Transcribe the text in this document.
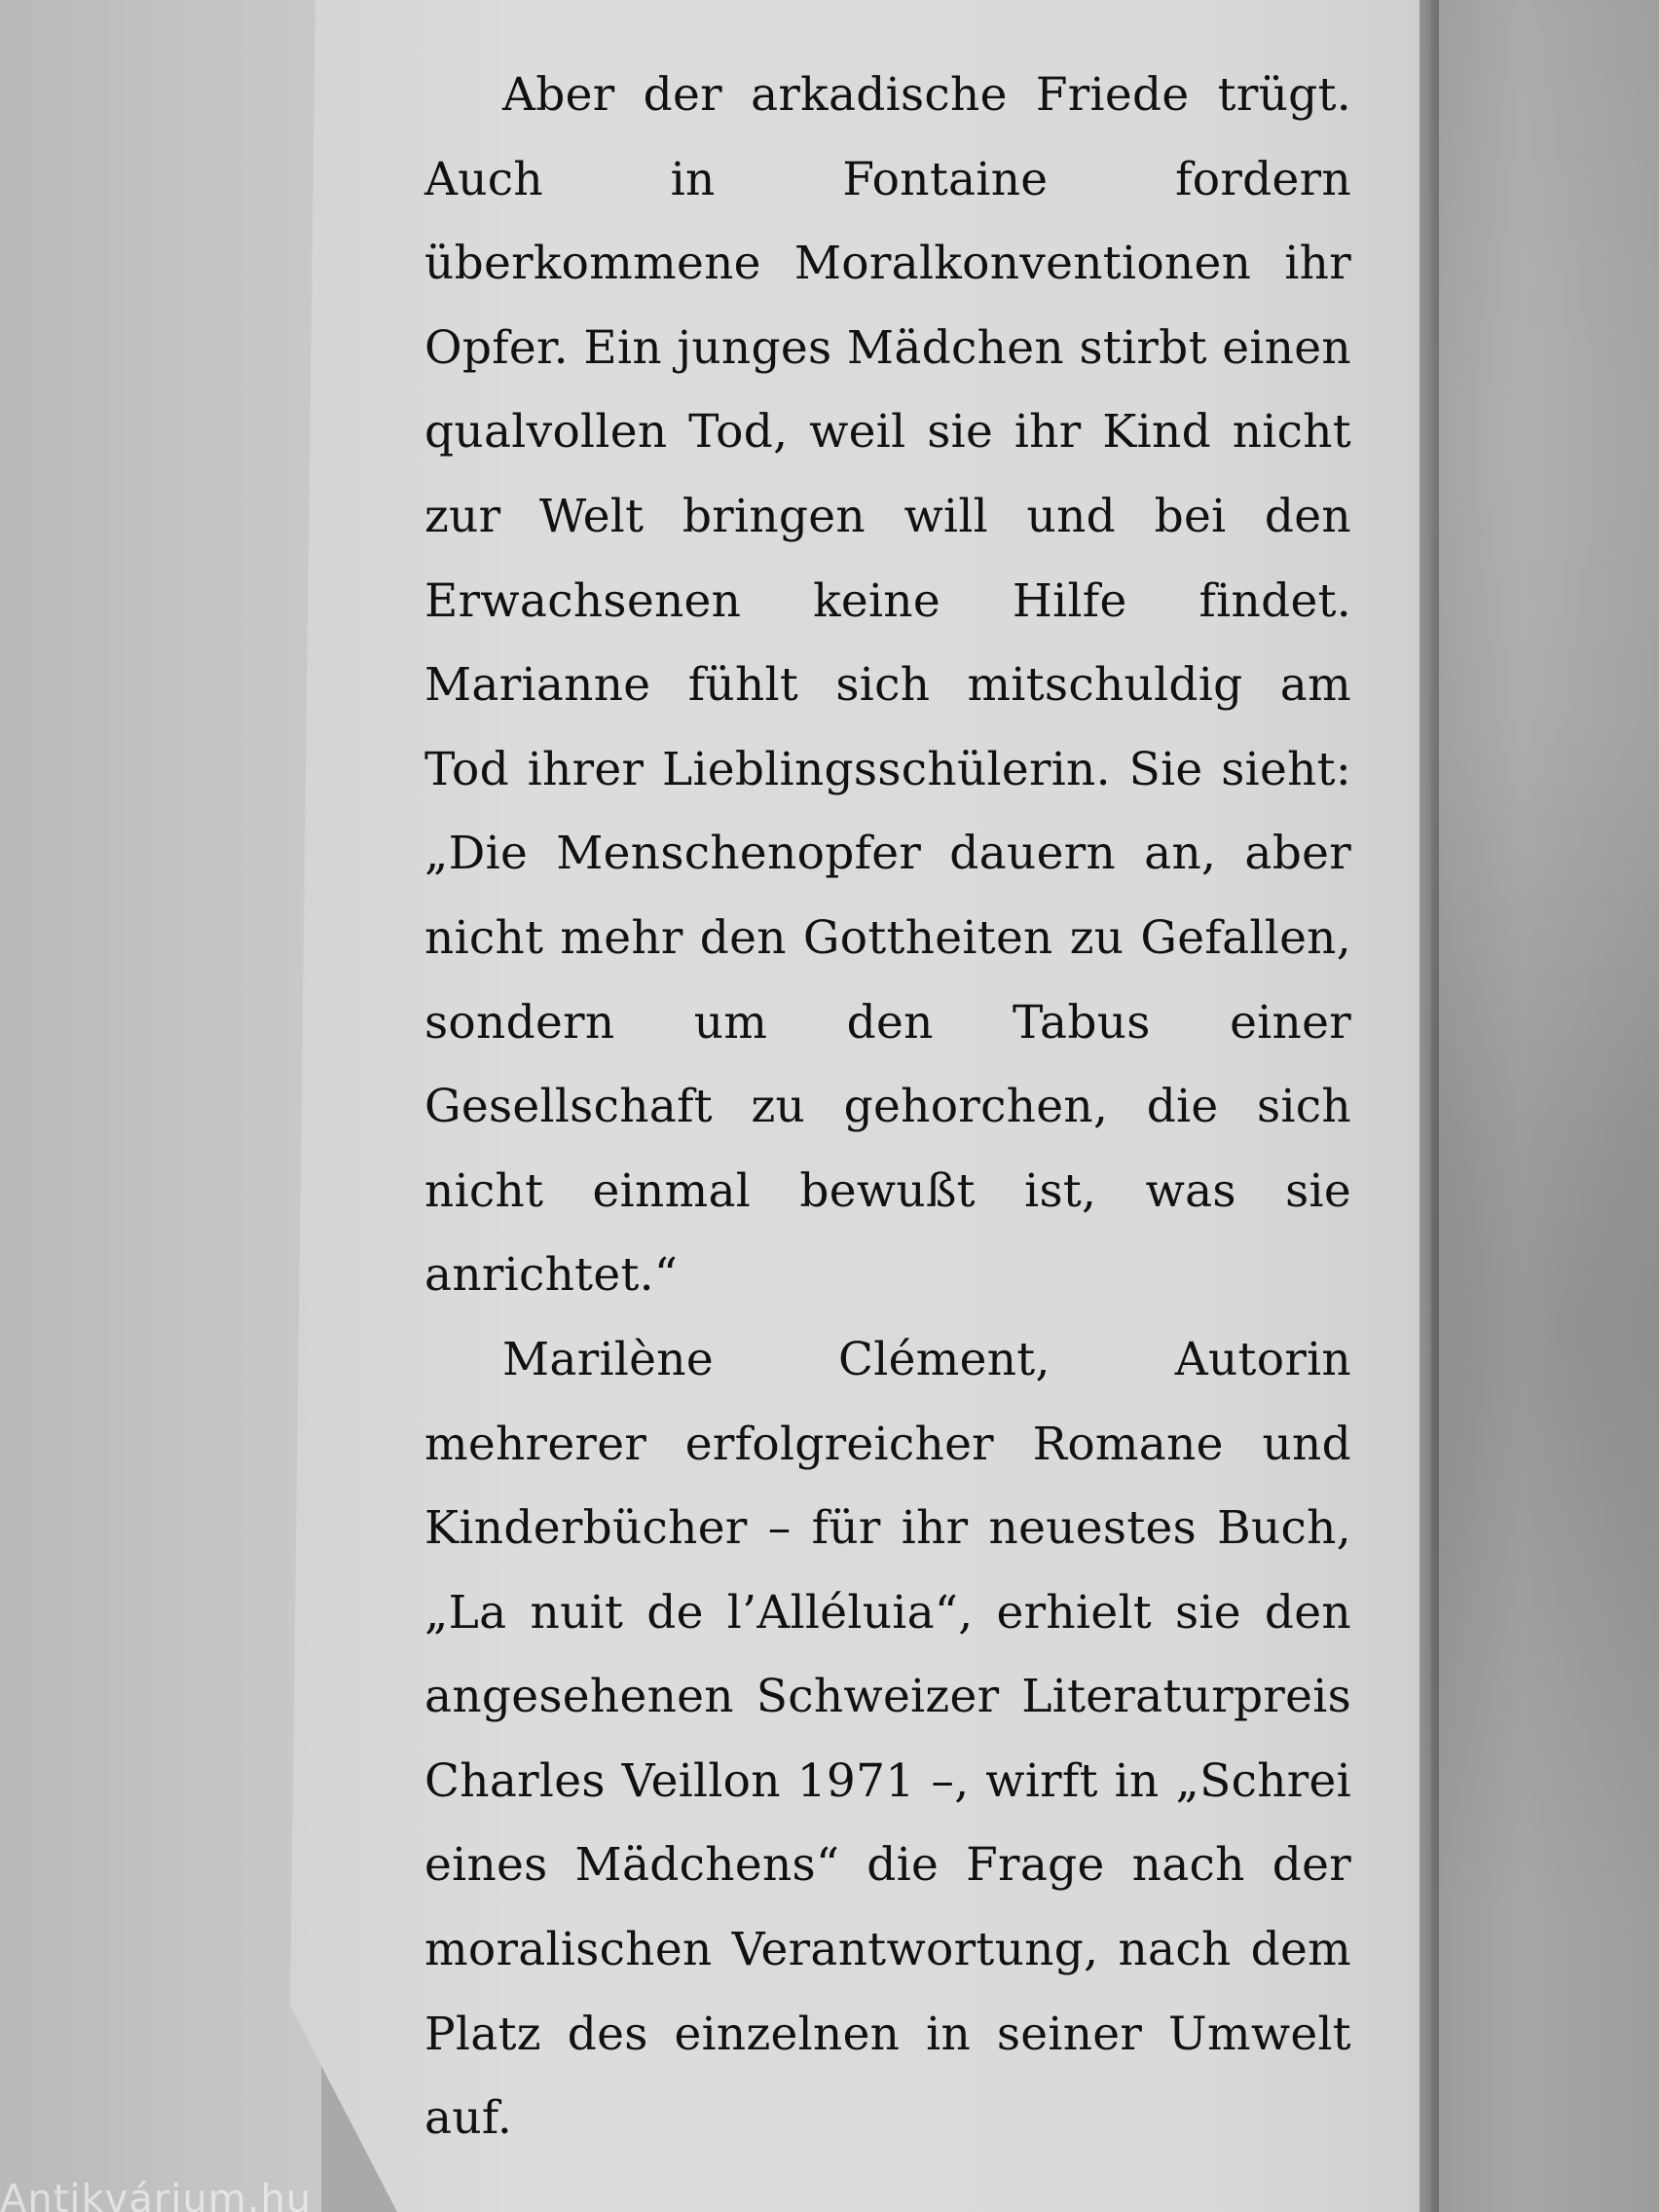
Aber der arkadische Friede trügt. Auch in Fontaine fordern überkommene Moralkonventionen ihr Opfer. Ein junges Mädchen stirbt einen qualvollen Tod, weil sie ihr Kind nicht zur Welt bringen will und bei den Erwachsenen keine Hilfe findet. Marianne fühlt sich mitschuldig am Tod ihrer Lieblingsschülerin. Sie sieht: „Die Menschenopfer dauern an, aber nicht mehr den Gottheiten zu Gefallen, sondern um den Tabus einer Gesellschaft zu gehorchen, die sich nicht einmal bewußt ist, was sie anrichtet.“

Marilène Clément, Autorin mehrerer erfolgreicher Romane und Kinderbücher – für ihr neuestes Buch, „La nuit de l’Alléluia“, erhielt sie den angesehenen Schweizer Literaturpreis Charles Veillon 1971 –, wirft in „Schrei eines Mädchens“ die Frage nach der moralischen Verantwortung, nach dem Platz des einzelnen in seiner Umwelt auf.

Antikvárium.hu
